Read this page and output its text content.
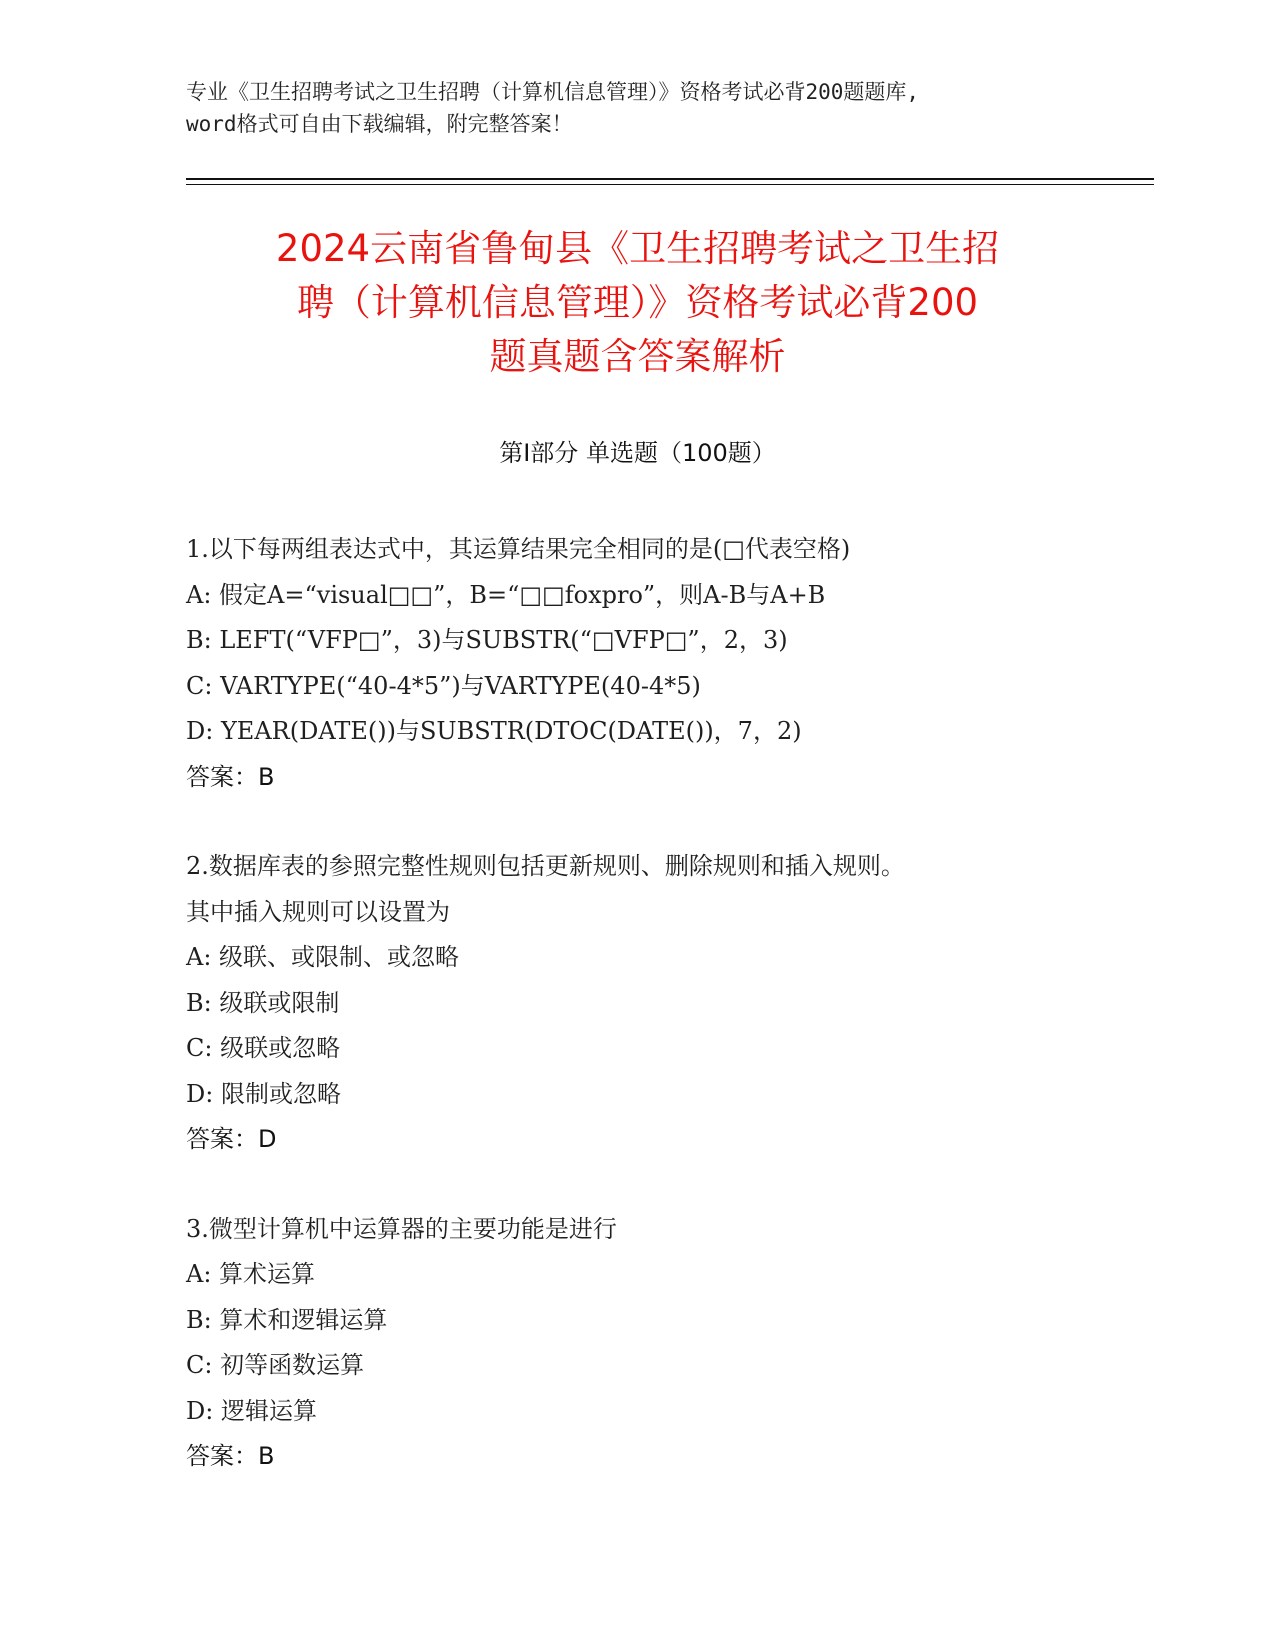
专业《卫生招聘考试之卫生招聘（计算机信息管理）》资格考试必背200题题库,
word格式可自由下载编辑，附完整答案！
2024云南省鲁甸县《卫生招聘考试之卫生招
聘（计算机信息管理）》资格考试必背200
题真题含答案解析
第Ⅰ部分 单选题（100题）
1.以下每两组表达式中，其运算结果完全相同的是(□代表空格)
A: 假定A=“visual□□”，B=“□□foxpro”，则A-B与A+B
B: LEFT(“VFP□”，3)与SUBSTR(“□VFP□”，2，3)
C: VARTYPE(“40-4*5”)与VARTYPE(40-4*5)
D: YEAR(DATE())与SUBSTR(DTOC(DATE())，7，2)
答案：B
2.数据库表的参照完整性规则包括更新规则、删除规则和插入规则。
其中插入规则可以设置为
A: 级联、或限制、或忽略
B: 级联或限制
C: 级联或忽略
D: 限制或忽略
答案：D
3.微型计算机中运算器的主要功能是进行
A: 算术运算
B: 算术和逻辑运算
C: 初等函数运算
D: 逻辑运算
答案：B
